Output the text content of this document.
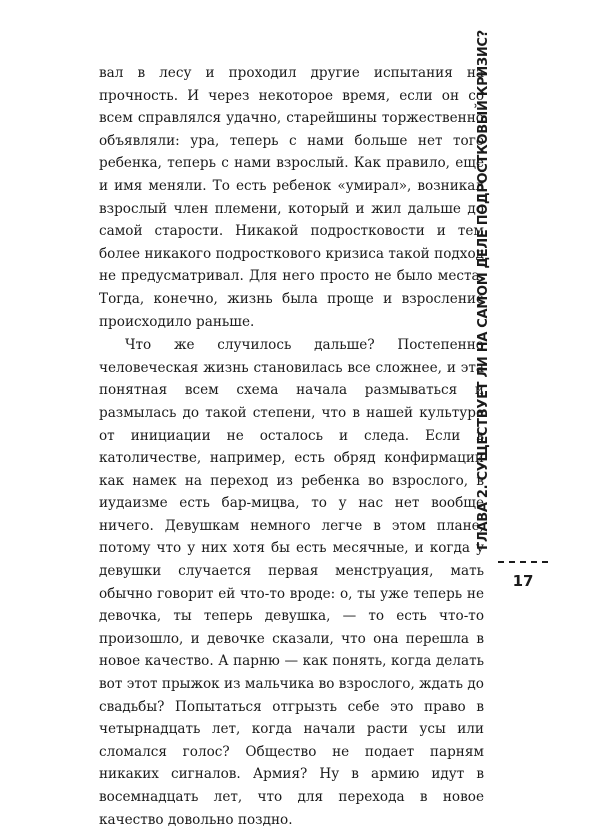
вал в лесу и проходил другие испытания на прочность. И через некоторое время, если он со всем справлялся удачно, старейшины торжественно объявляли: ура, теперь с нами больше нет того ребенка, теперь с нами взрослый. Как правило, еще и имя меняли. То есть ребенок «умирал», возникал взрослый член племени, который и жил дальше до самой старости. Никакой подростковости и тем более никакого подросткового кризиса такой подход не предусматривал. Для него просто не было места. Тогда, конечно, жизнь была проще и взросление происходило раньше.

Что же случилось дальше? Постепенно человеческая жизнь становилась все сложнее, и эта понятная всем схема начала размываться и размылась до такой степени, что в нашей культуре от инициации не осталось и следа. Если в католичестве, например, есть обряд конфирмации как намек на переход из ребенка во взрослого, в иудаизме есть бар-мицва, то у нас нет вообще ничего. Девушкам немного легче в этом плане, потому что у них хотя бы есть месячные, и когда у девушки случается первая менструация, мать обычно говорит ей что-то вроде: о, ты уже теперь не девочка, ты теперь девушка, — то есть что-то произошло, и девочке сказали, что она перешла в новое качество. А парню — как понять, когда делать вот этот прыжок из мальчика во взрослого, ждать до свадьбы? Попытаться отгрызть себе это право в четырнадцать лет, когда начали расти усы или сломался голос? Общество не подает парням никаких сигналов. Армия? Ну в армию идут в восемнадцать лет, что для перехода в новое качество довольно поздно.

ГЛАВА 2. СУЩЕСТВУЕТ ЛИ НА САМОМ ДЕЛЕ ПОДРОСТКОВЫЙ КРИЗИС?
17
